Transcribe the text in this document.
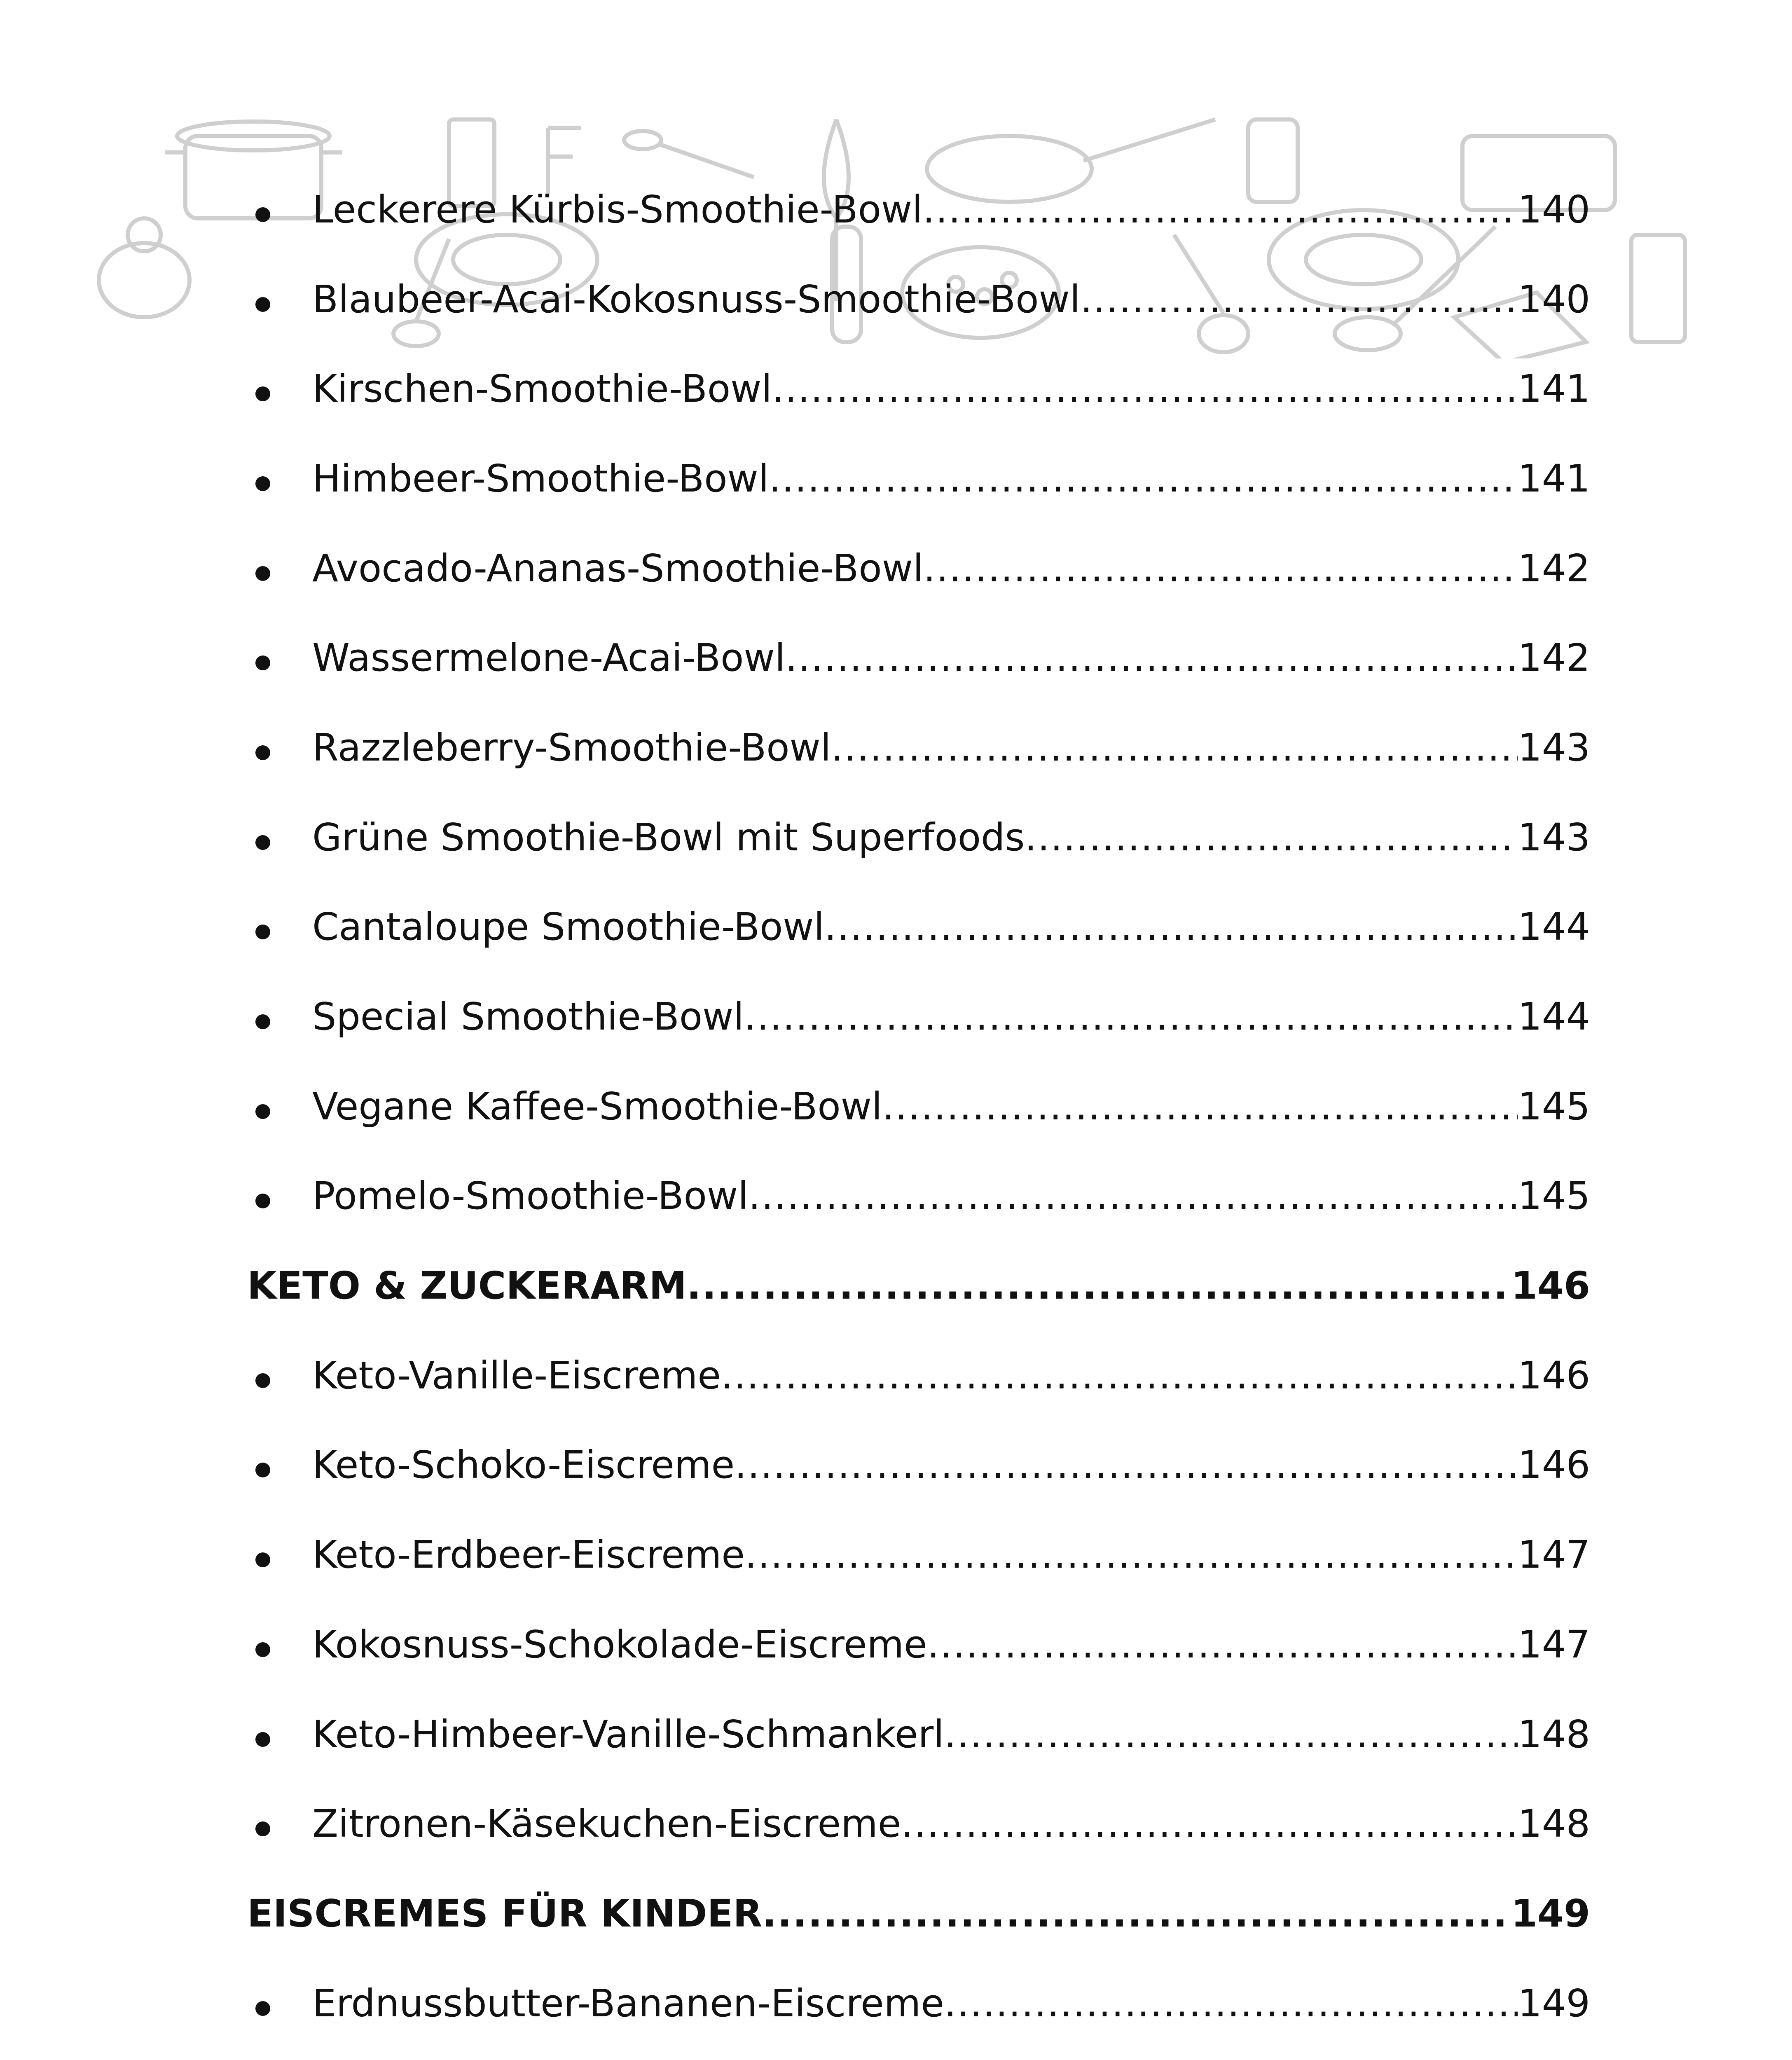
Leckerere Kürbis-Smoothie-Bowl .....	140
Blaubeer-Acai-Kokosnuss-Smoothie-Bowl .....	140
Kirschen-Smoothie-Bowl .....	141
Himbeer-Smoothie-Bowl .....	141
Avocado-Ananas-Smoothie-Bowl .....	142
Wassermelone-Acai-Bowl .....	142
Razzleberry-Smoothie-Bowl .....	143
Grüne Smoothie-Bowl mit Superfoods .....	143
Cantaloupe Smoothie-Bowl .....	144
Special Smoothie-Bowl .....	144
Vegane Kaffee-Smoothie-Bowl .....	145
Pomelo-Smoothie-Bowl .....	145
KETO & ZUCKERARM .....	146
Keto-Vanille-Eiscreme .....	146
Keto-Schoko-Eiscreme .....	146
Keto-Erdbeer-Eiscreme .....	147
Kokosnuss-Schokolade-Eiscreme .....	147
Keto-Himbeer-Vanille-Schmankerl .....	148
Zitronen-Käsekuchen-Eiscreme .....	148
EISCREMES FÜR KINDER .....	149
Erdnussbutter-Bananen-Eiscreme .....	149
